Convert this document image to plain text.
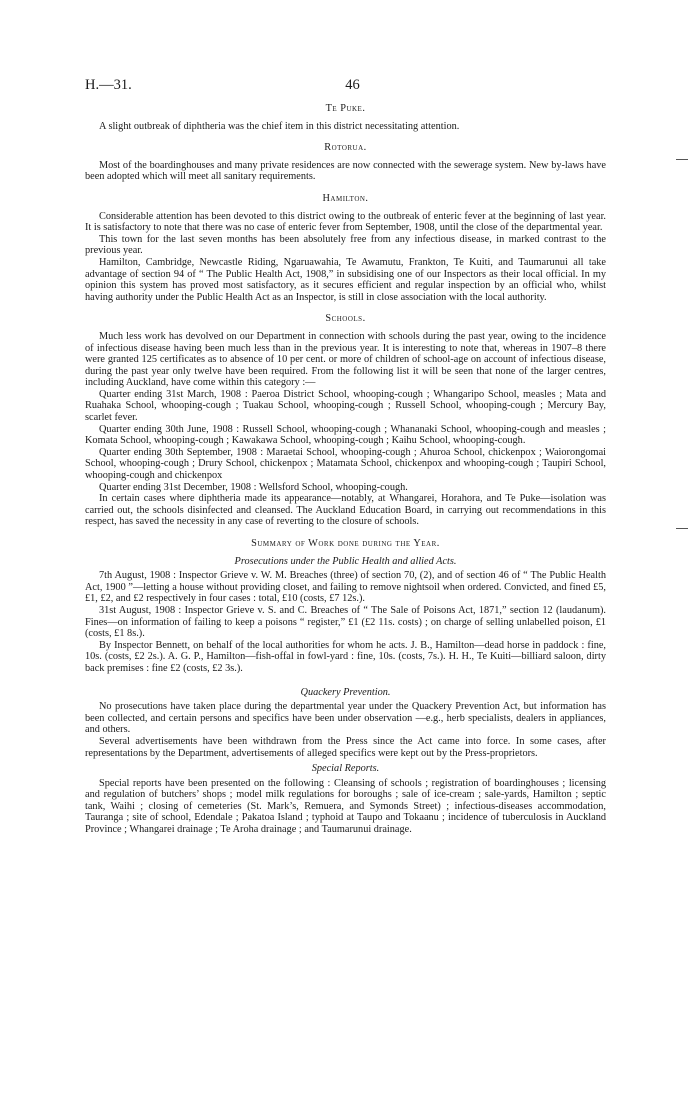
H.—31.	46
Te Puke.

A slight outbreak of diphtheria was the chief item in this district necessitating attention.

Rotorua.

Most of the boardinghouses and many private residences are now connected with the sewerage system. New by-laws have been adopted which will meet all sanitary requirements.

Hamilton.

Considerable attention has been devoted to this district owing to the outbreak of enteric fever at the beginning of last year. It is satisfactory to note that there was no case of enteric fever from September, 1908, until the close of the departmental year.

This town for the last seven months has been absolutely free from any infectious disease, in marked contrast to the previous year.

Hamilton, Cambridge, Newcastle Riding, Ngaruawahia, Te Awamutu, Frankton, Te Kuiti, and Taumarunui all take advantage of section 94 of “ The Public Health Act, 1908,” in subsidising one of our Inspectors as their local official. In my opinion this system has proved most satisfactory, as it secures efficient and regular inspection by an official who, whilst having authority under the Public Health Act as an Inspector, is still in close association with the local authority.

Schools.

Much less work has devolved on our Department in connection with schools during the past year, owing to the incidence of infectious disease having been much less than in the previous year. It is interesting to note that, whereas in 1907–8 there were granted 125 certificates as to absence of 10 per cent. or more of children of school-age on account of infectious disease, during the past year only twelve have been required. From the following list it will be seen that none of the larger centres, including Auckland, have come within this category :—

Quarter ending 31st March, 1908 : Paeroa District School, whooping-cough ; Whangaripo School, measles ; Mata and Ruahaka School, whooping-cough ; Tuakau School, whooping-cough ; Russell School, whooping-cough ; Mercury Bay, scarlet fever.

Quarter ending 30th June, 1908 : Russell School, whooping-cough ; Whananaki School, whooping-cough and measles ; Komata School, whooping-cough ; Kawakawa School, whooping-cough ; Kaihu School, whooping-cough.

Quarter ending 30th September, 1908 : Maraetai School, whooping-cough ; Ahuroa School, chickenpox ; Waiorongomai School, whooping-cough ; Drury School, chickenpox ; Matamata School, chickenpox and whooping-cough ; Taupiri School, whooping-cough and chickenpox

Quarter ending 31st December, 1908 : Wellsford School, whooping-cough.

In certain cases where diphtheria made its appearance—notably, at Whangarei, Horahora, and Te Puke—isolation was carried out, the schools disinfected and cleansed. The Auckland Education Board, in carrying out recommendations in this respect, has saved the necessity in any case of reverting to the closure of schools.

Summary of Work done during the Year.
Prosecutions under the Public Health and allied Acts.

7th August, 1908 : Inspector Grieve v. W. M. Breaches (three) of section 70, (2), and of section 46 of “ The Public Health Act, 1900 ”—letting a house without providing closet, and failing to remove nightsoil when ordered. Convicted, and fined £5, £1, £2, and £2 respectively in four cases : total, £10 (costs, £7 12s.).

31st August, 1908 : Inspector Grieve v. S. and C. Breaches of “ The Sale of Poisons Act, 1871,” section 12 (laudanum). Fines—on information of failing to keep a poisons “ register,” £1 (£2 11s. costs) ; on charge of selling unlabelled poison, £1 (costs, £1 8s.).

By Inspector Bennett, on behalf of the local authorities for whom he acts. J. B., Hamilton—dead horse in paddock : fine, 10s. (costs, £2 2s.). A. G. P., Hamilton—fish-offal in fowl-yard : fine, 10s. (costs, 7s.). H. H., Te Kuiti—billiard saloon, dirty back premises : fine £2 (costs, £2 3s.).

Quackery Prevention.

No prosecutions have taken place during the departmental year under the Quackery Prevention Act, but information has been collected, and certain persons and specifics have been under observation —e.g., herb specialists, dealers in appliances, and others.

Several advertisements have been withdrawn from the Press since the Act came into force. In some cases, after representations by the Department, advertisements of alleged specifics were kept out by the Press-proprietors.

Special Reports.

Special reports have been presented on the following : Cleansing of schools ; registration of boardinghouses ; licensing and regulation of butchers’ shops ; model milk regulations for boroughs ; sale of ice-cream ; sale-yards, Hamilton ; septic tank, Waihi ; closing of cemeteries (St. Mark’s, Remuera, and Symonds Street) ; infectious-diseases accommodation, Tauranga ; site of school, Edendale ; Pakatoa Island ; typhoid at Taupo and Tokaanu ; incidence of tuberculosis in Auckland Province ; Whangarei drainage ; Te Aroha drainage ; and Taumarunui drainage.
